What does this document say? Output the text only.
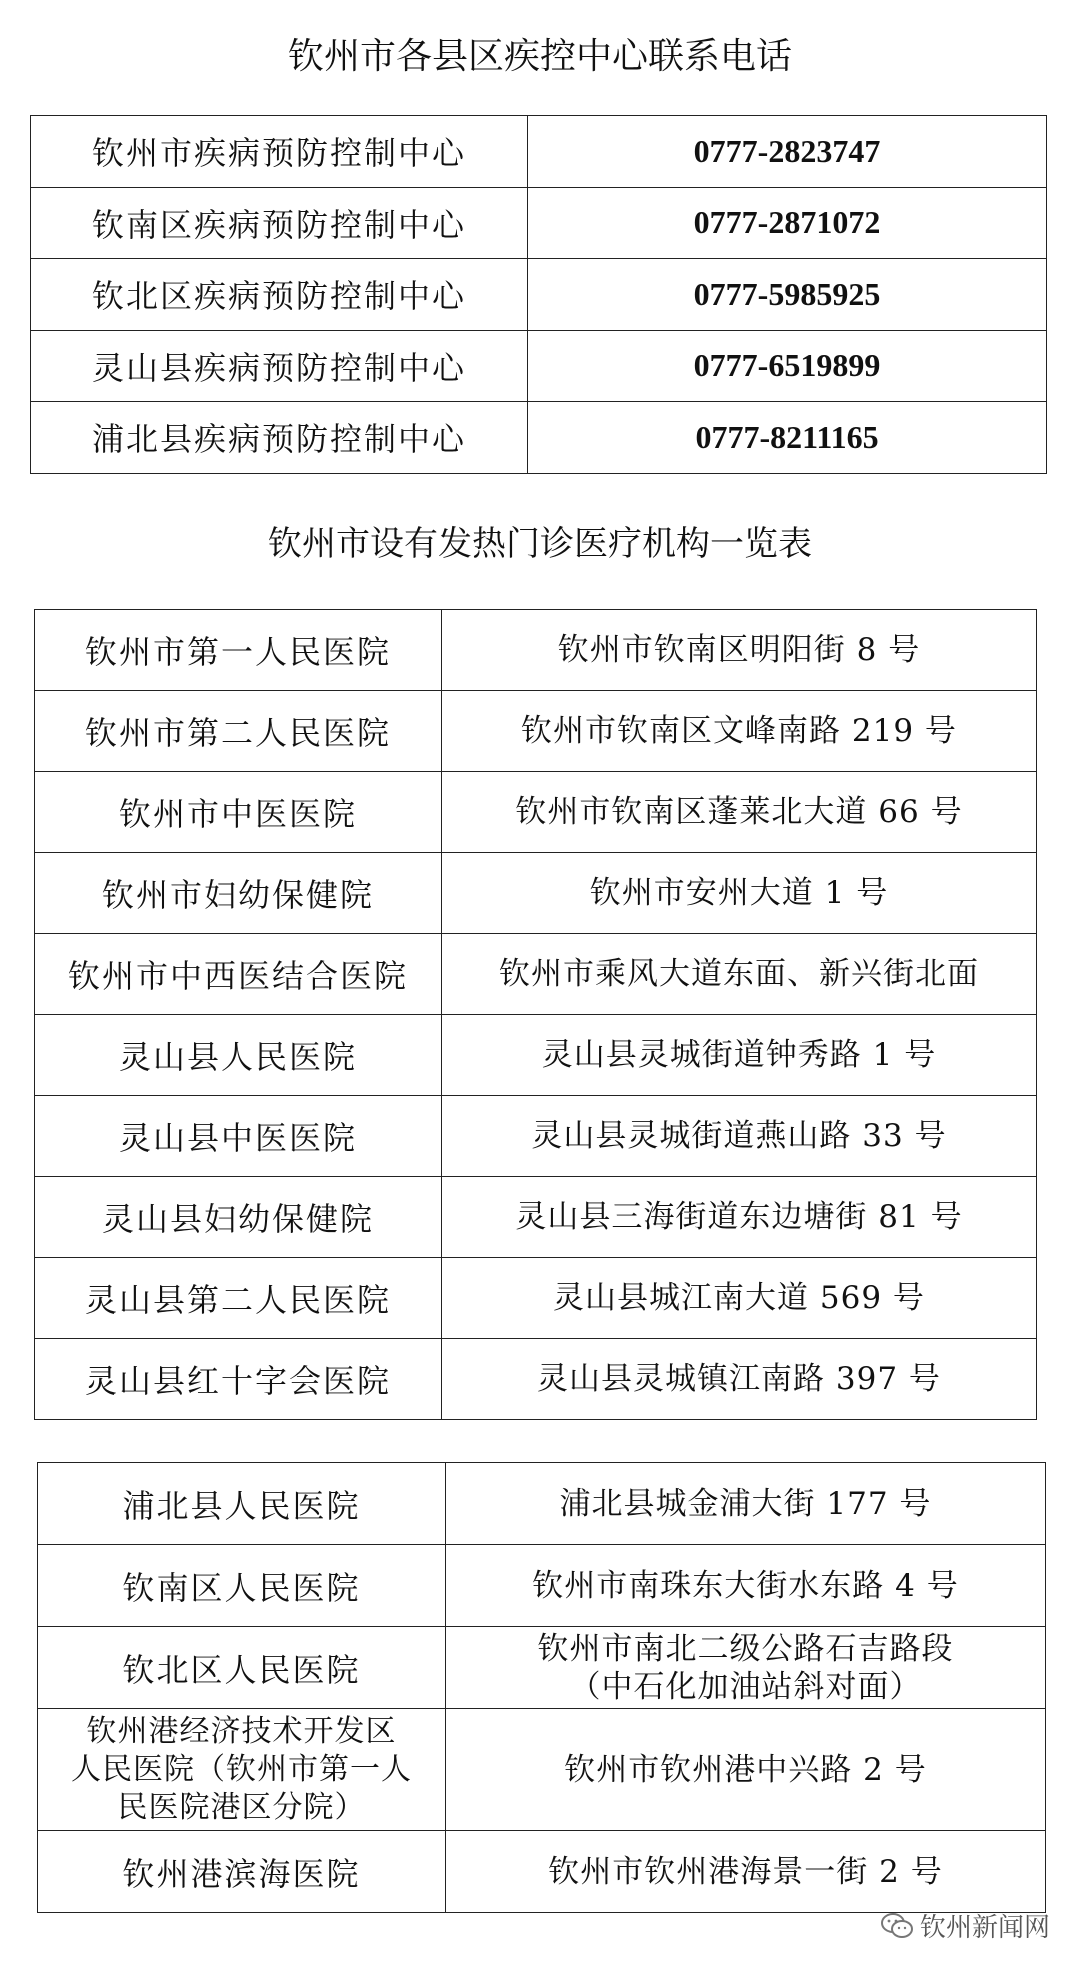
钦州市各县区疾控中心联系电话
钦州市疾病预防控制中心	0777-2823747
钦南区疾病预防控制中心	0777-2871072
钦北区疾病预防控制中心	0777-5985925
灵山县疾病预防控制中心	0777-6519899
浦北县疾病预防控制中心	0777-8211165
钦州市设有发热门诊医疗机构一览表
钦州市第一人民医院	钦州市钦南区明阳街 8 号
钦州市第二人民医院	钦州市钦南区文峰南路 219 号
钦州市中医医院	钦州市钦南区蓬莱北大道 66 号
钦州市妇幼保健院	钦州市安州大道 1 号
钦州市中西医结合医院	钦州市乘风大道东面、新兴街北面
灵山县人民医院	灵山县灵城街道钟秀路 1 号
灵山县中医医院	灵山县灵城街道燕山路 33 号
灵山县妇幼保健院	灵山县三海街道东边塘街 81 号
灵山县第二人民医院	灵山县城江南大道 569 号
灵山县红十字会医院	灵山县灵城镇江南路 397 号
浦北县人民医院	浦北县城金浦大街 177 号
钦南区人民医院	钦州市南珠东大街水东路 4 号
钦北区人民医院	钦州市南北二级公路石吉路段
（中石化加油站斜对面）

钦州港经济技术开发区
人民医院（钦州市第一人
民医院港区分院）	钦州市钦州港中兴路 2 号
钦州港滨海医院	钦州市钦州港海景一街 2 号
钦州新闻网
